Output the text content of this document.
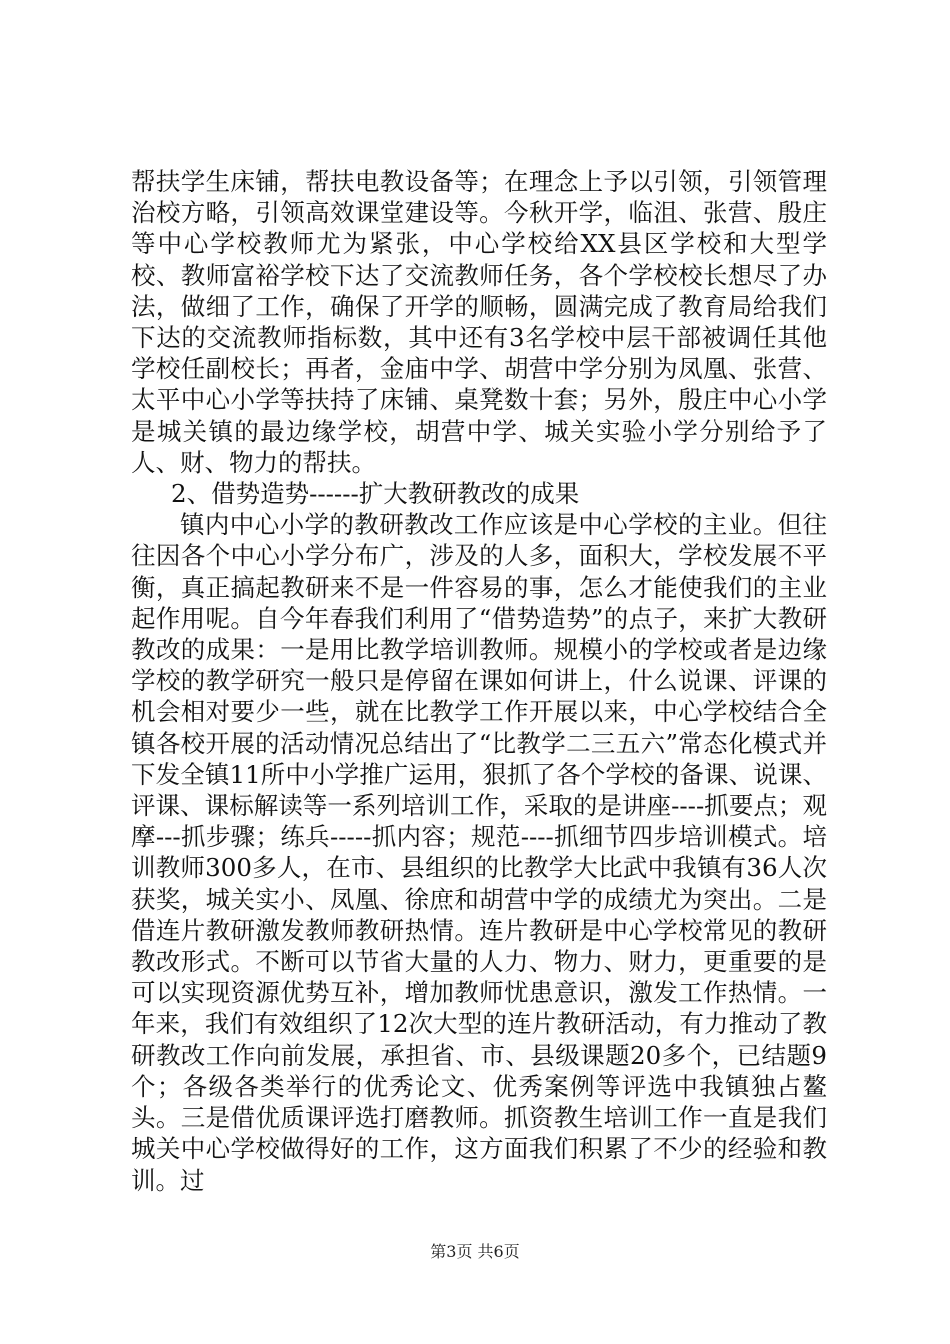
帮扶学生床铺，帮扶电教设备等；在理念上予以引领，引领管理治校方略，引领高效课堂建设等。今秋开学，临沮、张营、殷庄等中心学校教师尤为紧张，中心学校给XX县区学校和大型学校、教师富裕学校下达了交流教师任务，各个学校校长想尽了办法，做细了工作，确保了开学的顺畅，圆满完成了教育局给我们下达的交流教师指标数，其中还有3名学校中层干部被调任其他学校任副校长；再者，金庙中学、胡营中学分别为凤凰、张营、太平中心小学等扶持了床铺、桌凳数十套；另外，殷庄中心小学是城关镇的最边缘学校，胡营中学、城关实验小学分别给予了人、财、物力的帮扶。

2、借势造势------扩大教研教改的成果

镇内中心小学的教研教改工作应该是中心学校的主业。但往往因各个中心小学分布广，涉及的人多，面积大，学校发展不平衡，真正搞起教研来不是一件容易的事，怎么才能使我们的主业起作用呢。自今年春我们利用了“借势造势”的点子，来扩大教研教改的成果：一是用比教学培训教师。规模小的学校或者是边缘学校的教学研究一般只是停留在课如何讲上，什么说课、评课的机会相对要少一些，就在比教学工作开展以来，中心学校结合全镇各校开展的活动情况总结出了“比教学二三五六”常态化模式并下发全镇11所中小学推广运用，狠抓了各个学校的备课、说课、评课、课标解读等一系列培训工作，采取的是讲座----抓要点；观摩---抓步骤；练兵-----抓内容；规范----抓细节四步培训模式。培训教师300多人，在市、县组织的比教学大比武中我镇有36人次获奖，城关实小、凤凰、徐庶和胡营中学的成绩尤为突出。二是借连片教研激发教师教研热情。连片教研是中心学校常见的教研教改形式。不断可以节省大量的人力、物力、财力，更重要的是可以实现资源优势互补，增加教师忧患意识，激发工作热情。一年来，我们有效组织了12次大型的连片教研活动，有力推动了教研教改工作向前发展，承担省、市、县级课题20多个，已结题9个；各级各类举行的优秀论文、优秀案例等评选中我镇独占鳌头。三是借优质课评选打磨教师。抓资教生培训工作一直是我们城关中心学校做得好的工作，这方面我们积累了不少的经验和教训。过

第3页 共6页
